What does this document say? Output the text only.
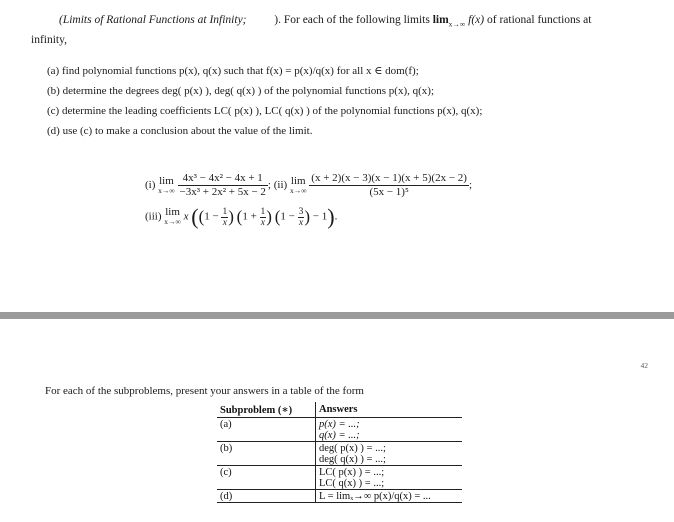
(Limits of Rational Functions at Infinity; ). For each of the following limits $\lim_{x\to\infty} f(x)$ of rational functions at
infinity,
(a) find polynomial functions p(x), q(x) such that f(x) = p(x)/q(x) for all x ∈ dom(f);
(b) determine the degrees deg( p(x) ), deg( q(x) ) of the polynomial functions p(x), q(x);
(c) determine the leading coefficients LC( p(x) ), LC( q(x) ) of the polynomial functions p(x), q(x);
(d) use (c) to make a conclusion about the value of the limit.
(i) lim
x→∞
$\frac{\text{4x³ − 4x² − 4x + 1}}{\text{−3x³ + 2x² + 5x − 2}}$ ; (ii) lim
x→∞
$\frac{(x + 2)(x - 3)(x - 1)(x + 5)(2x - 2)}{\text{(5x − 1)⁵}}$ ;
(iii) lim
x→∞ x (($1 - \frac{1}{x}$ ) ($1 + \frac{1}{x}$ ) ($1 - \frac{3}{x}$ ) − 1).
42
For each of the subproblems, present your answers in a table of the form
Subproblem (∗)	Answers
(a)	p(x) = ...;
	q(x) = ...;
(b)	deg( p(x) ) = ...;
	deg( q(x) ) = ...;
(c)	LC( p(x) ) = ...;
	LC( q(x) ) = ...;
(d)	L = limₓ→∞ p(x)/q(x) = ...
